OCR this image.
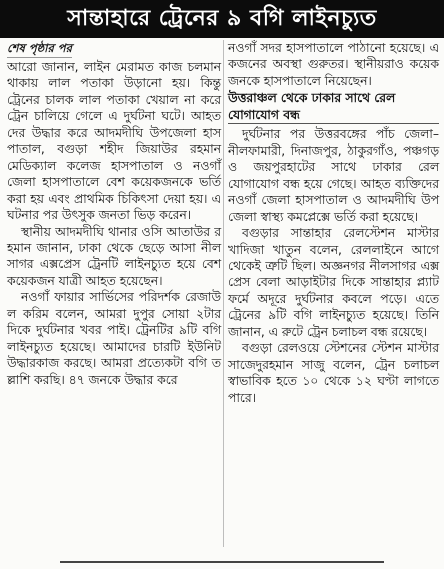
সান্তাহারে ট্রেনের ৯ বগি লাইনচ্যুত
শেষ পৃষ্ঠার পর

আরো জানান, লাইন মেরামত কাজ চলমান থাকায় লাল পতাকা উড়ানো হয়। কিন্তু ট্রেনের চালক লাল পতাকা খেয়াল না করে ট্রেন চালিয়ে গেলে এ দুর্ঘটনা ঘটে। আহতদের উদ্ধার করে আদমদীঘি উপজেলা হাসপাতাল, বগুড়া শহীদ জিয়াউর রহমান মেডিক্যাল কলেজ হাসপাতাল ও নওগাঁ জেলা হাসপাতালে বেশ কয়েকজনকে ভর্তি করা হয় এবং প্রাথমিক চিকিৎসা দেয়া হয়। এ ঘটনার পর উৎসুক জনতা ভিড় করেন।

স্থানীয় আদমদীঘি থানার ওসি আতাউর রহমান জানান, ঢাকা থেকে ছেড়ে আসা নীলসাগর এক্সপ্রেস ট্রেনটি লাইনচ্যুত হয়ে বেশ কয়েকজন যাত্রী আহত হয়েছেন।

নওগাঁ ফায়ার সার্ভিসের পরিদর্শক রেজাউল করিম বলেন, আমরা দুপুর সোয়া ২টার দিকে দুর্ঘটনার খবর পাই। ট্রেনটির ৯টি বগি লাইনচ্যুত হয়েছে। আমাদের চারটি ইউনিট উদ্ধারকাজ করছে। আমরা প্রত্যেকটা বগি তল্লাশি করছি। ৪৭ জনকে উদ্ধার করে

নওগাঁ সদর হাসপাতালে পাঠানো হয়েছে। একজনের অবস্থা গুরুতর। স্থানীয়রাও কয়েকজনকে হাসপাতালে নিয়েছেন।

উত্তরাঞ্চল থেকে ঢাকার সাথে রেল যোগাযোগ বন্ধ

দুর্ঘটনার পর উত্তরবঙ্গের পাঁচ জেলা– নীলফামারী, দিনাজপুর, ঠাকুরগাঁও, পঞ্চগড় ও জয়পুরহাটের সাথে ঢাকার রেল যোগাযোগ বন্ধ হয়ে গেছে। আহত ব্যক্তিদের নওগাঁ জেলা হাসপাতাল ও আদমদীঘি উপজেলা স্বাস্থ্য কমপ্লেক্সে ভর্তি করা হয়েছে।

বগুড়ার সান্তাহার রেলস্টেশন মাস্টার খাদিজা খাতুন বলেন, রেললাইনে আগে থেকেই ত্রুটি ছিল। অজ্ঞনগর নীলসাগর এক্সপ্রেস বেলা আড়াইটার দিকে সান্তাহার প্ল্যাটফর্মে অদূরে দুর্ঘটনার কবলে পড়ে। এতে ট্রেনের ৯টি বগি লাইনচ্যুত হয়েছে। তিনি জানান, এ রুটে ট্রেন চলাচল বন্ধ রয়েছে।

বগুড়া রেলওয়ে স্টেশনের স্টেশন মাস্টার সাজেদুরহমান সাজু বলেন, ট্রেন চলাচল স্বাভাবিক হতে ১০ থেকে ১২ ঘণ্টা লাগতে পারে।
